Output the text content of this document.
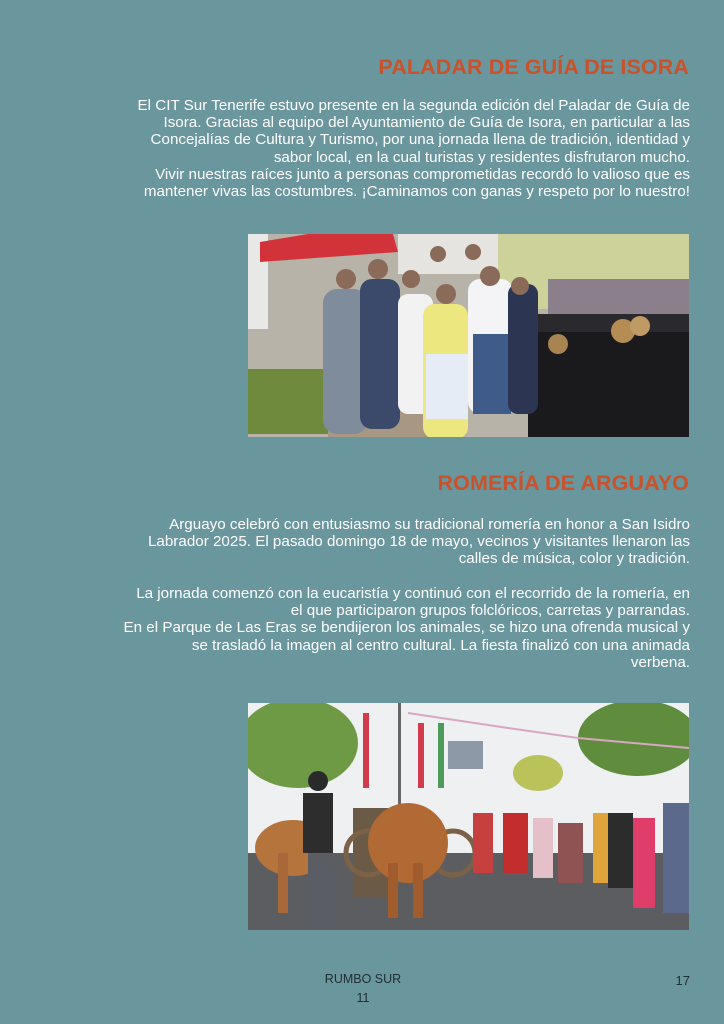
PALADAR DE GUÍA DE ISORA

El CIT Sur Tenerife estuvo presente en la segunda edición del Paladar de Guía de
Isora. Gracias al equipo del Ayuntamiento de Guía de Isora, en particular a las
Concejalías de Cultura y Turismo, por una jornada llena de tradición, identidad y
sabor local, en la cual turistas y residentes disfrutaron mucho.
Vivir nuestras raíces junto a personas comprometidas recordó lo valioso que es
mantener vivas las costumbres. ¡Caminamos con ganas y respeto por lo nuestro!

ROMERÍA DE ARGUAYO

Arguayo celebró con entusiasmo su tradicional romería en honor a San Isidro
Labrador 2025. El pasado domingo 18 de mayo, vecinos y visitantes llenaron las
calles de música, color y tradición.

La jornada comenzó con la eucaristía y continuó con el recorrido de la romería, en
el que participaron grupos folclóricos, carretas y parrandas.
En el Parque de Las Eras se bendijeron los animales, se hizo una ofrenda musical y
se trasladó la imagen al centro cultural. La fiesta finalizó con una animada
verbena.

RUMBO SUR
11
17
